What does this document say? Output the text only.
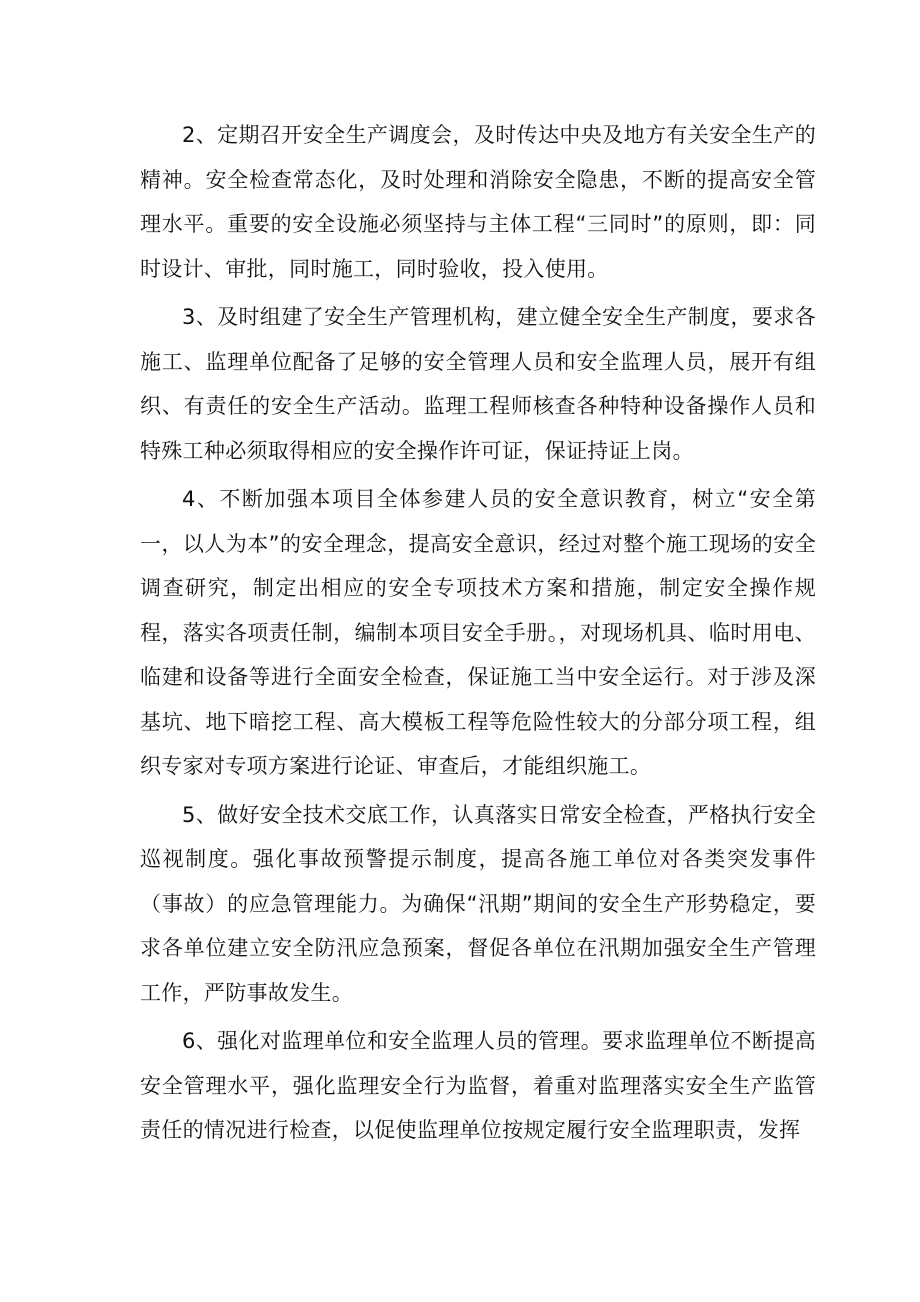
2、定期召开安全生产调度会，及时传达中央及地方有关安全生产的精神。安全检查常态化，及时处理和消除安全隐患，不断的提高安全管理水平。重要的安全设施必须坚持与主体工程“三同时”的原则，即：同时设计、审批，同时施工，同时验收，投入使用。

3、及时组建了安全生产管理机构，建立健全安全生产制度，要求各施工、监理单位配备了足够的安全管理人员和安全监理人员，展开有组织、有责任的安全生产活动。监理工程师核查各种特种设备操作人员和特殊工种必须取得相应的安全操作许可证，保证持证上岗。

4、不断加强本项目全体参建人员的安全意识教育，树立“安全第一，以人为本”的安全理念，提高安全意识，经过对整个施工现场的安全调查研究，制定出相应的安全专项技术方案和措施，制定安全操作规程，落实各项责任制，编制本项目安全手册。，对现场机具、临时用电、临建和设备等进行全面安全检查，保证施工当中安全运行。对于涉及深基坑、地下暗挖工程、高大模板工程等危险性较大的分部分项工程，组织专家对专项方案进行论证、审查后，才能组织施工。

5、做好安全技术交底工作，认真落实日常安全检查，严格执行安全巡视制度。强化事故预警提示制度，提高各施工单位对各类突发事件（事故）的应急管理能力。为确保“汛期”期间的安全生产形势稳定，要求各单位建立安全防汛应急预案，督促各单位在汛期加强安全生产管理工作，严防事故发生。

6、强化对监理单位和安全监理人员的管理。要求监理单位不断提高安全管理水平，强化监理安全行为监督，着重对监理落实安全生产监管责任的情况进行检查，以促使监理单位按规定履行安全监理职责，发挥
